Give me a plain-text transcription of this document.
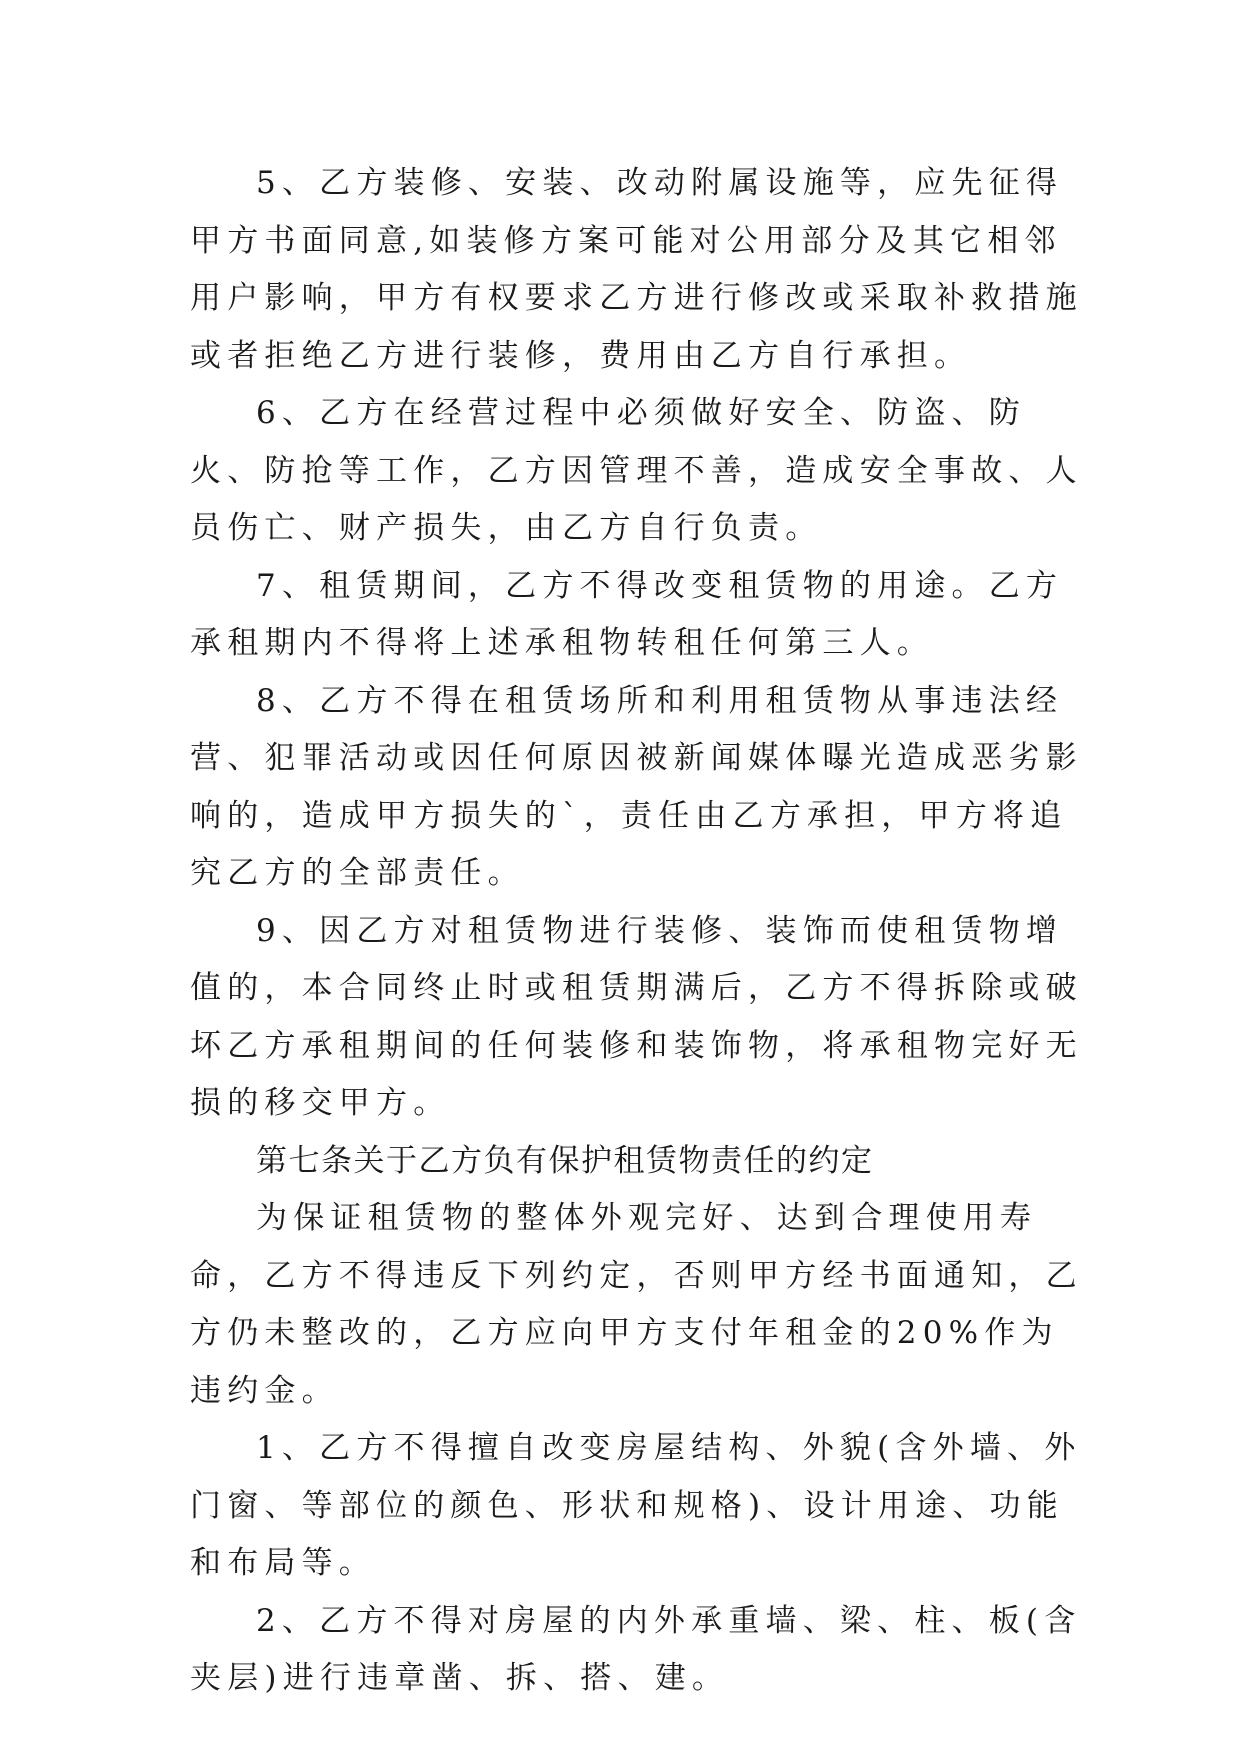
5、乙方装修、安装、改动附属设施等，应先征得甲方书面同意,如装修方案可能对公用部分及其它相邻用户影响，甲方有权要求乙方进行修改或采取补救措施或者拒绝乙方进行装修，费用由乙方自行承担。

6、乙方在经营过程中必须做好安全、防盗、防火、防抢等工作，乙方因管理不善，造成安全事故、人员伤亡、财产损失，由乙方自行负责。

7、租赁期间，乙方不得改变租赁物的用途。乙方承租期内不得将上述承租物转租任何第三人。

8、乙方不得在租赁场所和利用租赁物从事违法经营、犯罪活动或因任何原因被新闻媒体曝光造成恶劣影响的，造成甲方损失的`，责任由乙方承担，甲方将追究乙方的全部责任。

9、因乙方对租赁物进行装修、装饰而使租赁物增值的，本合同终止时或租赁期满后，乙方不得拆除或破坏乙方承租期间的任何装修和装饰物，将承租物完好无损的移交甲方。

第七条关于乙方负有保护租赁物责任的约定

为保证租赁物的整体外观完好、达到合理使用寿命，乙方不得违反下列约定，否则甲方经书面通知，乙方仍未整改的，乙方应向甲方支付年租金的20%作为违约金。

1、乙方不得擅自改变房屋结构、外貌(含外墙、外门窗、等部位的颜色、形状和规格)、设计用途、功能和布局等。

2、乙方不得对房屋的内外承重墙、梁、柱、板(含夹层)进行违章凿、拆、搭、建。
